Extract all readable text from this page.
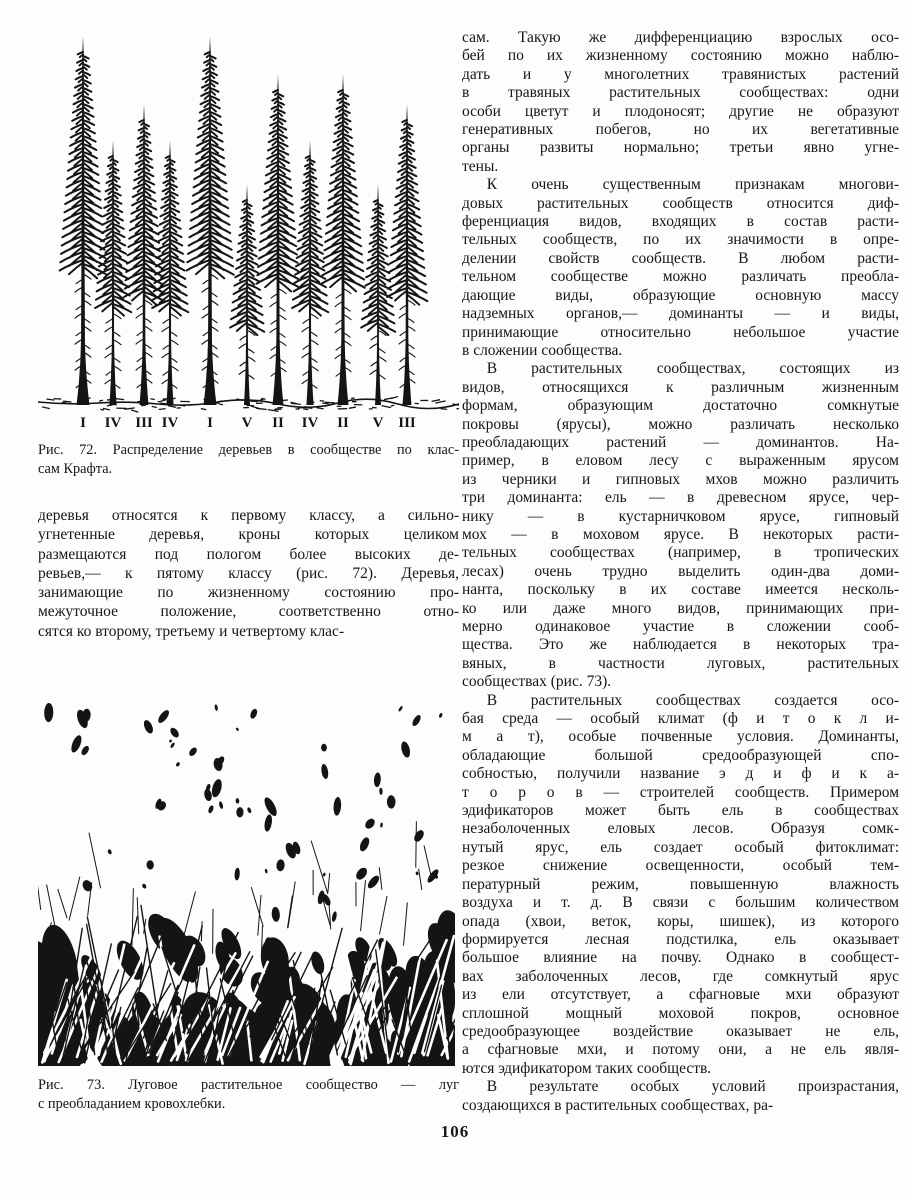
I IV III IV I V II IV II V III
Рис. 72. Распределение деревьев в сообществе по клас-
сам Крафта.
деревья относятся к первому классу, а сильно-
угнетенные деревья, кроны которых целиком
размещаются под пологом более высоких де-
ревьев,— к пятому классу (рис. 72). Деревья,
занимающие по жизненному состоянию про-
межуточное положение, соответственно отно-
сятся ко второму, третьему и четвертому клас-
Рис. 73. Луговое растительное сообщество — луг
с преобладанием кровохлебки.
сам. Такую же дифференциацию взрослых осо-
бей по их жизненному состоянию можно наблю-
дать и у многолетних травянистых растений
в травяных растительных сообществах: одни
особи цветут и плодоносят; другие не образуют
генеративных побегов, но их вегетативные
органы развиты нормально; третьи явно угне-
тены.
К очень существенным признакам многови-
довых растительных сообществ относится диф-
ференциация видов, входящих в состав расти-
тельных сообществ, по их значимости в опре-
делении свойств сообществ. В любом расти-
тельном сообществе можно различать преобла-
дающие виды, образующие основную массу
надземных органов,— доминанты — и виды,
принимающие относительно небольшое участие
в сложении сообщества.
В растительных сообществах, состоящих из
видов, относящихся к различным жизненным
формам, образующим достаточно сомкнутые
покровы (ярусы), можно различать несколько
преобладающих растений — доминантов. На-
пример, в еловом лесу с выраженным ярусом
из черники и гипновых мхов можно различить
три доминанта: ель — в древесном ярусе, чер-
нику — в кустарничковом ярусе, гипновый
мох — в моховом ярусе. В некоторых расти-
тельных сообществах (например, в тропических
лесах) очень трудно выделить один-два доми-
нанта, поскольку в их составе имеется несколь-
ко или даже много видов, принимающих при-
мерно одинаковое участие в сложении сооб-
щества. Это же наблюдается в некоторых тра-
вяных, в частности луговых, растительных
сообществах (рис. 73).
В растительных сообществах создается осо-
бая среда — особый климат (ф и т о к л и-
м а т), особые почвенные условия. Доминанты,
обладающие большой средообразующей спо-
собностью, получили название э д и ф и к а-
т о р о в — строителей сообществ. Примером
эдификаторов может быть ель в сообществах
незаболоченных еловых лесов. Образуя сомк-
нутый ярус, ель создает особый фитоклимат:
резкое снижение освещенности, особый тем-
пературный режим, повышенную влажность
воздуха и т. д. В связи с большим количеством
опада (хвои, веток, коры, шишек), из которого
формируется лесная подстилка, ель оказывает
большое влияние на почву. Однако в сообщест-
вах заболоченных лесов, где сомкнутый ярус
из ели отсутствует, а сфагновые мхи образуют
сплошной мощный моховой покров, основное
средообразующее воздействие оказывает не ель,
а сфагновые мхи, и потому они, а не ель явля-
ются эдификатором таких сообществ.
В результате особых условий произрастания,
создающихся в растительных сообществах, ра-
106
